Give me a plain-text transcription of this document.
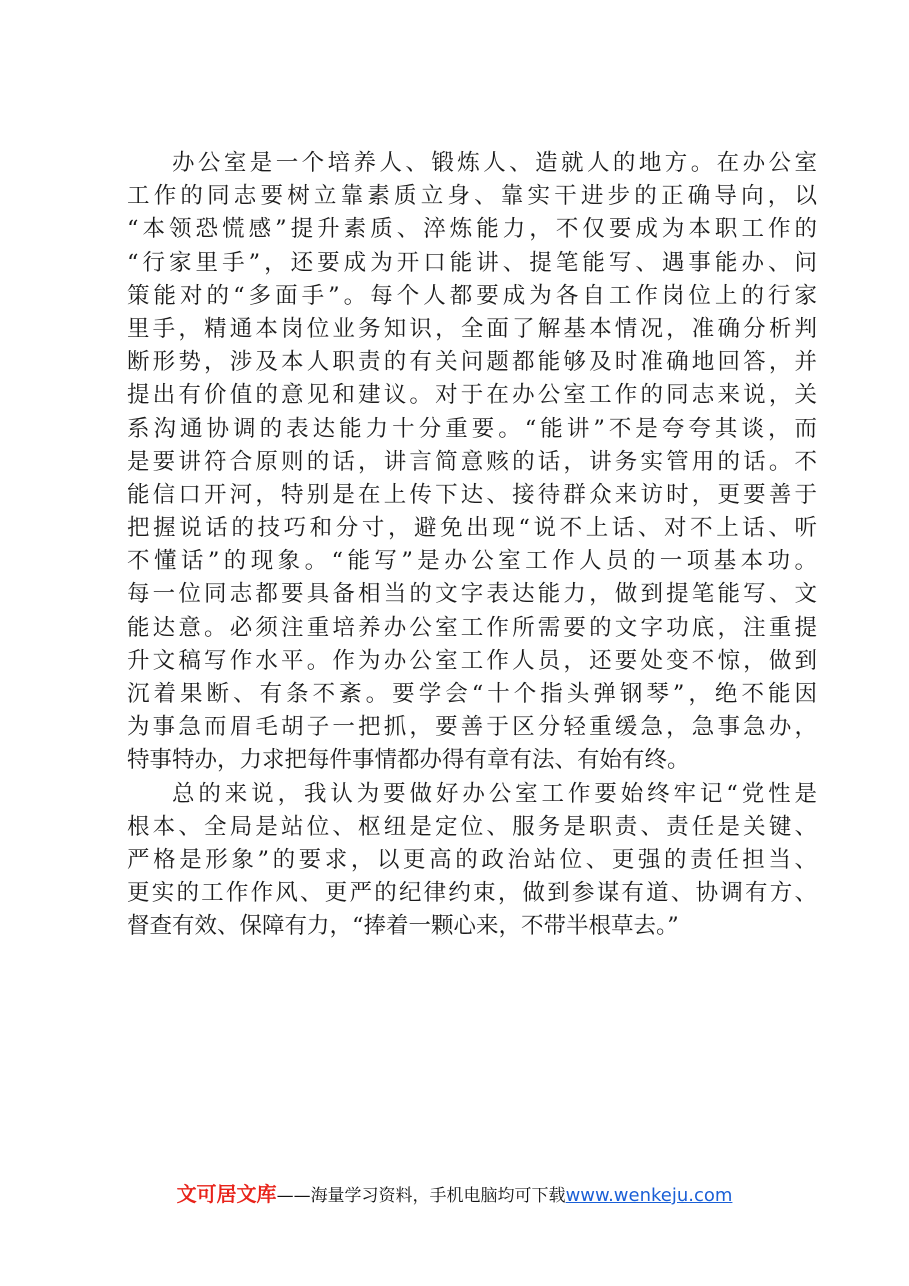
办公室是一个培养人、锻炼人、造就人的地方。在办公室
工作的同志要树立靠素质立身、靠实干进步的正确导向，以
“本领恐慌感”提升素质、淬炼能力，不仅要成为本职工作的
“行家里手”，还要成为开口能讲、提笔能写、遇事能办、问
策能对的“多面手”。每个人都要成为各自工作岗位上的行家
里手，精通本岗位业务知识，全面了解基本情况，准确分析判
断形势，涉及本人职责的有关问题都能够及时准确地回答，并
提出有价值的意见和建议。对于在办公室工作的同志来说，关
系沟通协调的表达能力十分重要。“能讲”不是夸夸其谈，而
是要讲符合原则的话，讲言简意赅的话，讲务实管用的话。不
能信口开河，特别是在上传下达、接待群众来访时，更要善于
把握说话的技巧和分寸，避免出现“说不上话、对不上话、听
不懂话”的现象。“能写”是办公室工作人员的一项基本功。
每一位同志都要具备相当的文字表达能力，做到提笔能写、文
能达意。必须注重培养办公室工作所需要的文字功底，注重提
升文稿写作水平。作为办公室工作人员，还要处变不惊，做到
沉着果断、有条不紊。要学会“十个指头弹钢琴”，绝不能因
为事急而眉毛胡子一把抓，要善于区分轻重缓急，急事急办，
特事特办，力求把每件事情都办得有章有法、有始有终。
总的来说，我认为要做好办公室工作要始终牢记“党性是
根本、全局是站位、枢纽是定位、服务是职责、责任是关键、
严格是形象”的要求，以更高的政治站位、更强的责任担当、
更实的工作作风、更严的纪律约束，做到参谋有道、协调有方、
督查有效、保障有力，“捧着一颗心来，不带半根草去。”
文可居文库——海量学习资料，手机电脑均可下载www.wenkeju.com
